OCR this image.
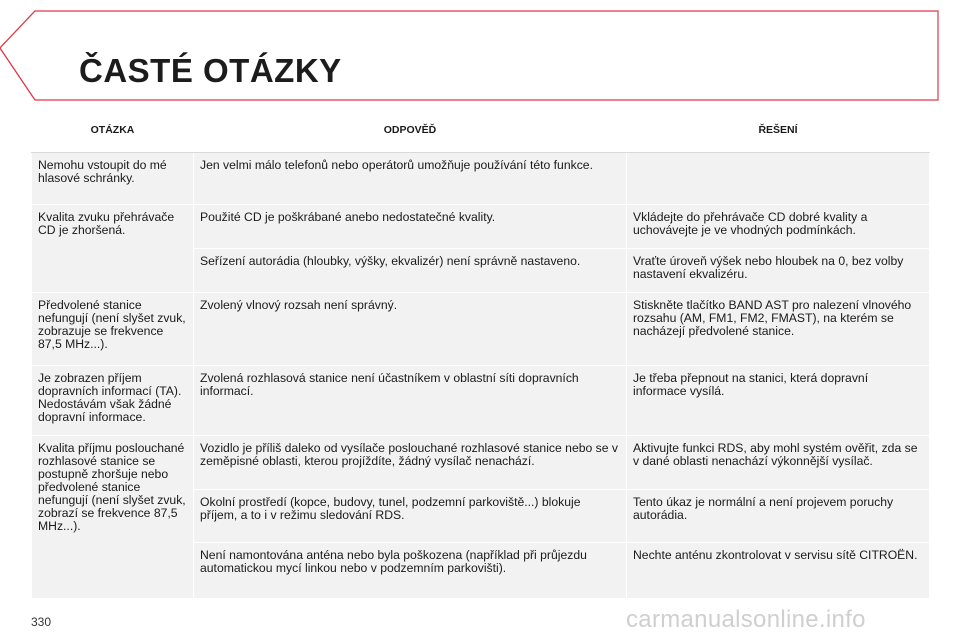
ČASTÉ OTÁZKY
OTÁZKA	ODPOVĚĎ	ŘEŠENÍ
Nemohu vstoupit do mé hlasové schránky.	Jen velmi málo telefonů nebo operátorů umožňuje používání této funkce.	
Kvalita zvuku přehrávače CD je zhoršená.	Použité CD je poškrábané anebo nedostatečné kvality.	Vkládejte do přehrávače CD dobré kvality a uchovávejte je ve vhodných podmínkách.
	Seřízení autorádia (hloubky, výšky, ekvalizér) není správně nastaveno.	Vraťte úroveň výšek nebo hloubek na 0, bez volby nastavení ekvalizéru.
Předvolené stanice nefungují (není slyšet zvuk, zobrazuje se frekvence 87,5 MHz...).	Zvolený vlnový rozsah není správný.	Stiskněte tlačítko BAND AST pro nalezení vlnového rozsahu (AM, FM1, FM2, FMAST), na kterém se nacházejí předvolené stanice.
Je zobrazen příjem dopravních informací (TA). Nedostávám však žádné dopravní informace.	Zvolená rozhlasová stanice není účastníkem v oblastní síti dopravních informací.	Je třeba přepnout na stanici, která dopravní informace vysílá.
Kvalita příjmu poslouchané rozhlasové stanice se postupně zhoršuje nebo předvolené stanice nefungují (není slyšet zvuk, zobrazí se frekvence 87,5 MHz...).	Vozidlo je příliš daleko od vysílače poslouchané rozhlasové stanice nebo se v zeměpisné oblasti, kterou projíždíte, žádný vysílač nenachází.	Aktivujte funkci RDS, aby mohl systém ověřit, zda se v dané oblasti nenachází výkonnější vysílač.
	Okolní prostředí (kopce, budovy, tunel, podzemní parkoviště...) blokuje příjem, a to i v režimu sledování RDS.	Tento úkaz je normální a není projevem poruchy autorádia.
	Není namontována anténa nebo byla poškozena (například při průjezdu automatickou mycí linkou nebo v podzemním parkovišti).	Nechte anténu zkontrolovat v servisu sítě CITROËN.
330	carmanualsonline.info
